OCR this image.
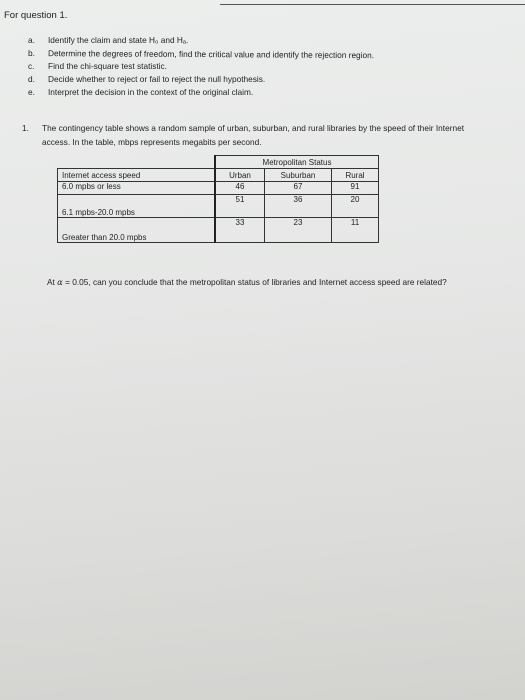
For question 1.
a.	Identify the claim and state H₀ and Hₐ.
b.	Determine the degrees of freedom, find the critical value and identify the rejection region.
c.	Find the chi-square test statistic.
d.	Decide whether to reject or fail to reject the null hypothesis.
e.	Interpret the decision in the context of the original claim.
1. The contingency table shows a random sample of urban, suburban, and rural libraries by the speed of their Internet access. In the table, mbps represents megabits per second.
	Metropolitan Status		
Internet access speed	Urban	Suburban	Rural
6.0 mpbs or less	46	67	91
6.1 mpbs-20.0 mpbs	51	36	20
Greater than 20.0 mpbs	33	23	11
At α = 0.05, can you conclude that the metropolitan status of libraries and Internet access speed are related?
